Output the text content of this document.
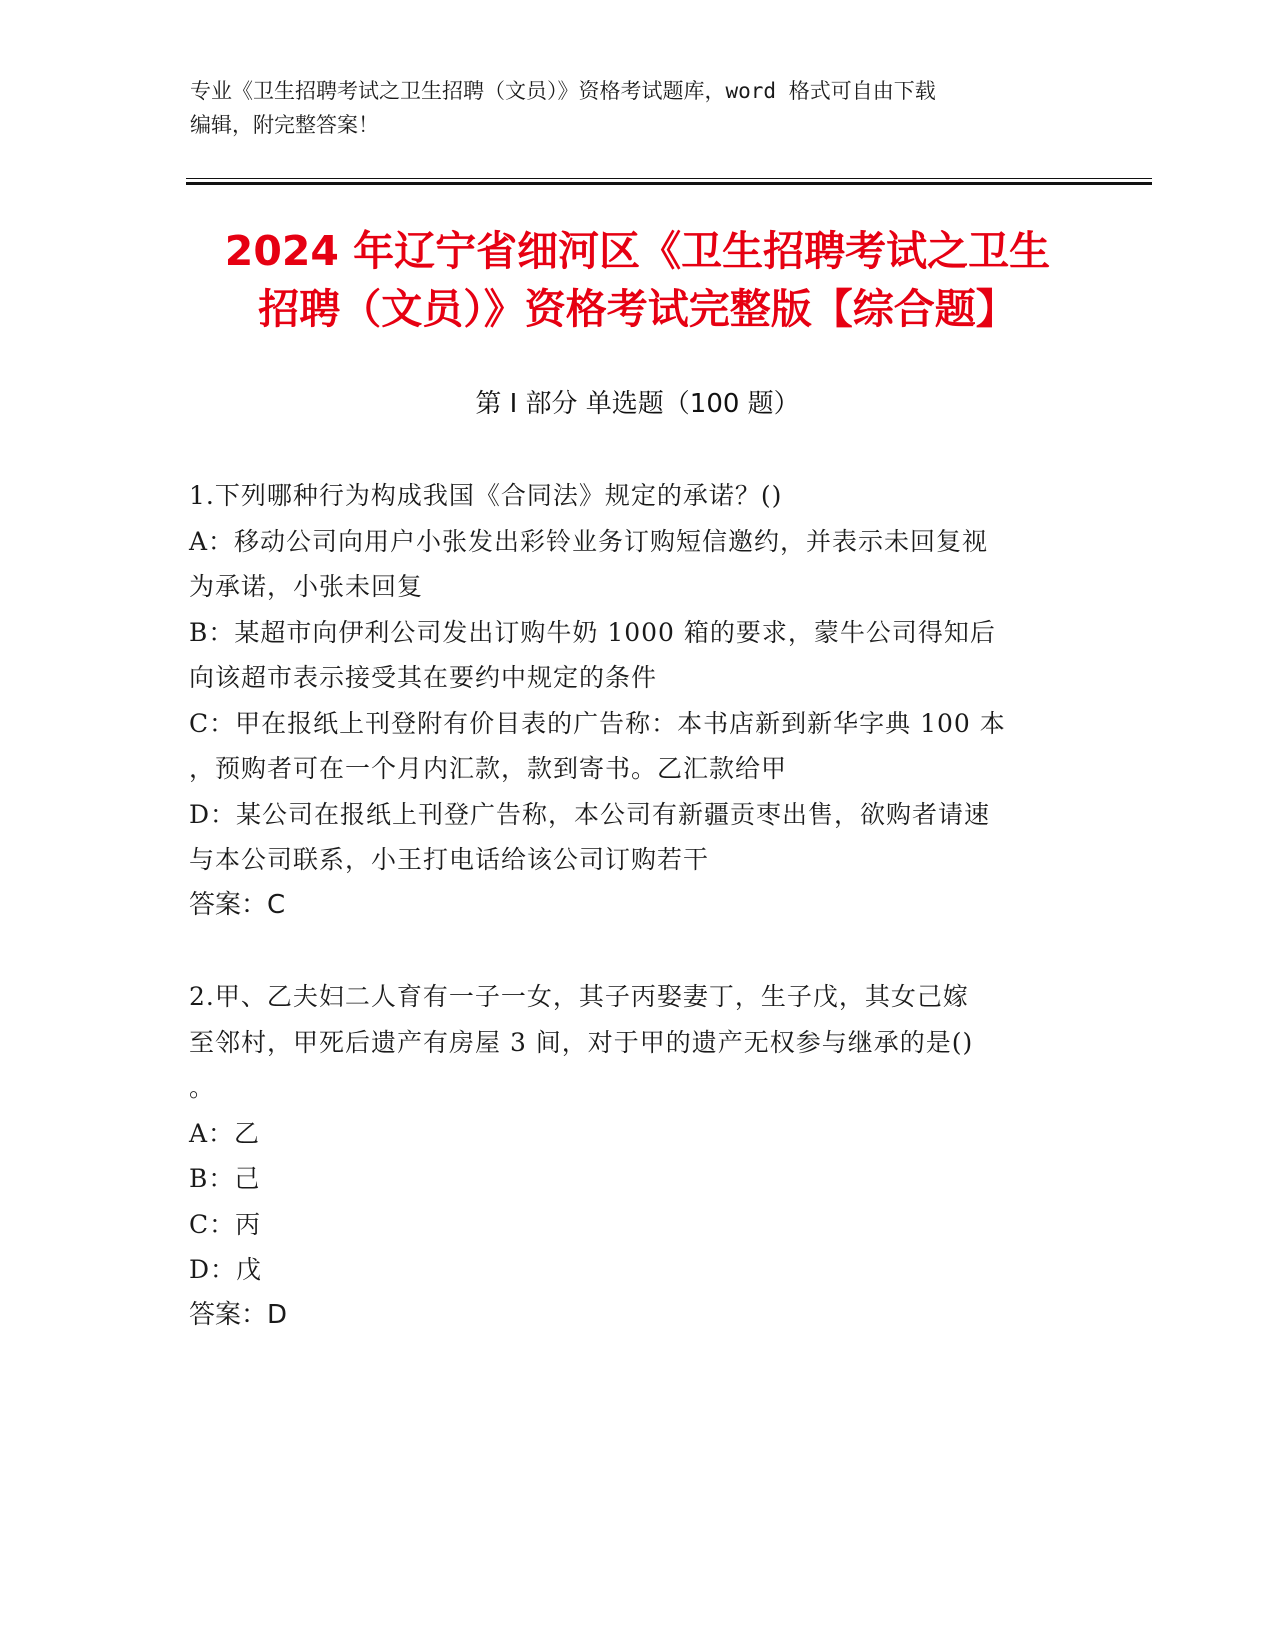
专业《卫生招聘考试之卫生招聘（文员）》资格考试题库，word 格式可自由下载
编辑，附完整答案！
2024 年辽宁省细河区《卫生招聘考试之卫生
招聘（文员）》资格考试完整版【综合题】
第 I 部分 单选题（100 题）
1.下列哪种行为构成我国《合同法》规定的承诺？()
A：移动公司向用户小张发出彩铃业务订购短信邀约，并表示未回复视
为承诺，小张未回复
B：某超市向伊利公司发出订购牛奶 1000 箱的要求，蒙牛公司得知后
向该超市表示接受其在要约中规定的条件
C：甲在报纸上刊登附有价目表的广告称：本书店新到新华字典 100 本
，预购者可在一个月内汇款，款到寄书。乙汇款给甲
D：某公司在报纸上刊登广告称，本公司有新疆贡枣出售，欲购者请速
与本公司联系，小王打电话给该公司订购若干
答案：C
2.甲、乙夫妇二人育有一子一女，其子丙娶妻丁，生子戊，其女己嫁
至邻村，甲死后遗产有房屋 3 间，对于甲的遗产无权参与继承的是()
。
A：乙
B：己
C：丙
D：戊
答案：D
